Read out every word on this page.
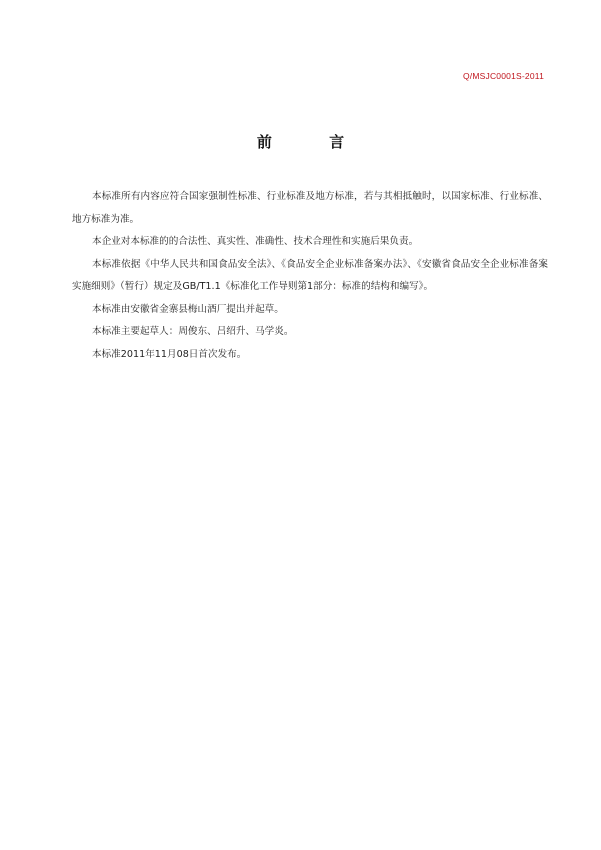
Q/MSJC0001S-2011
前 言

本标准所有内容应符合国家强制性标准、行业标准及地方标准，若与其相抵触时，以国家标准、行业标准、地方标准为准。

本企业对本标准的的合法性、真实性、准确性、技术合理性和实施后果负责。

本标准依据《中华人民共和国食品安全法》、《食品安全企业标准备案办法》、《安徽省食品安全企业标准备案实施细则》（暂行）规定及GB/T1.1《标准化工作导则第1部分：标准的结构和编写》。

本标准由安徽省金寨县梅山酒厂提出并起草。

本标准主要起草人：周俊东、吕绍升、马学炎。

本标准2011年11月08日首次发布。
